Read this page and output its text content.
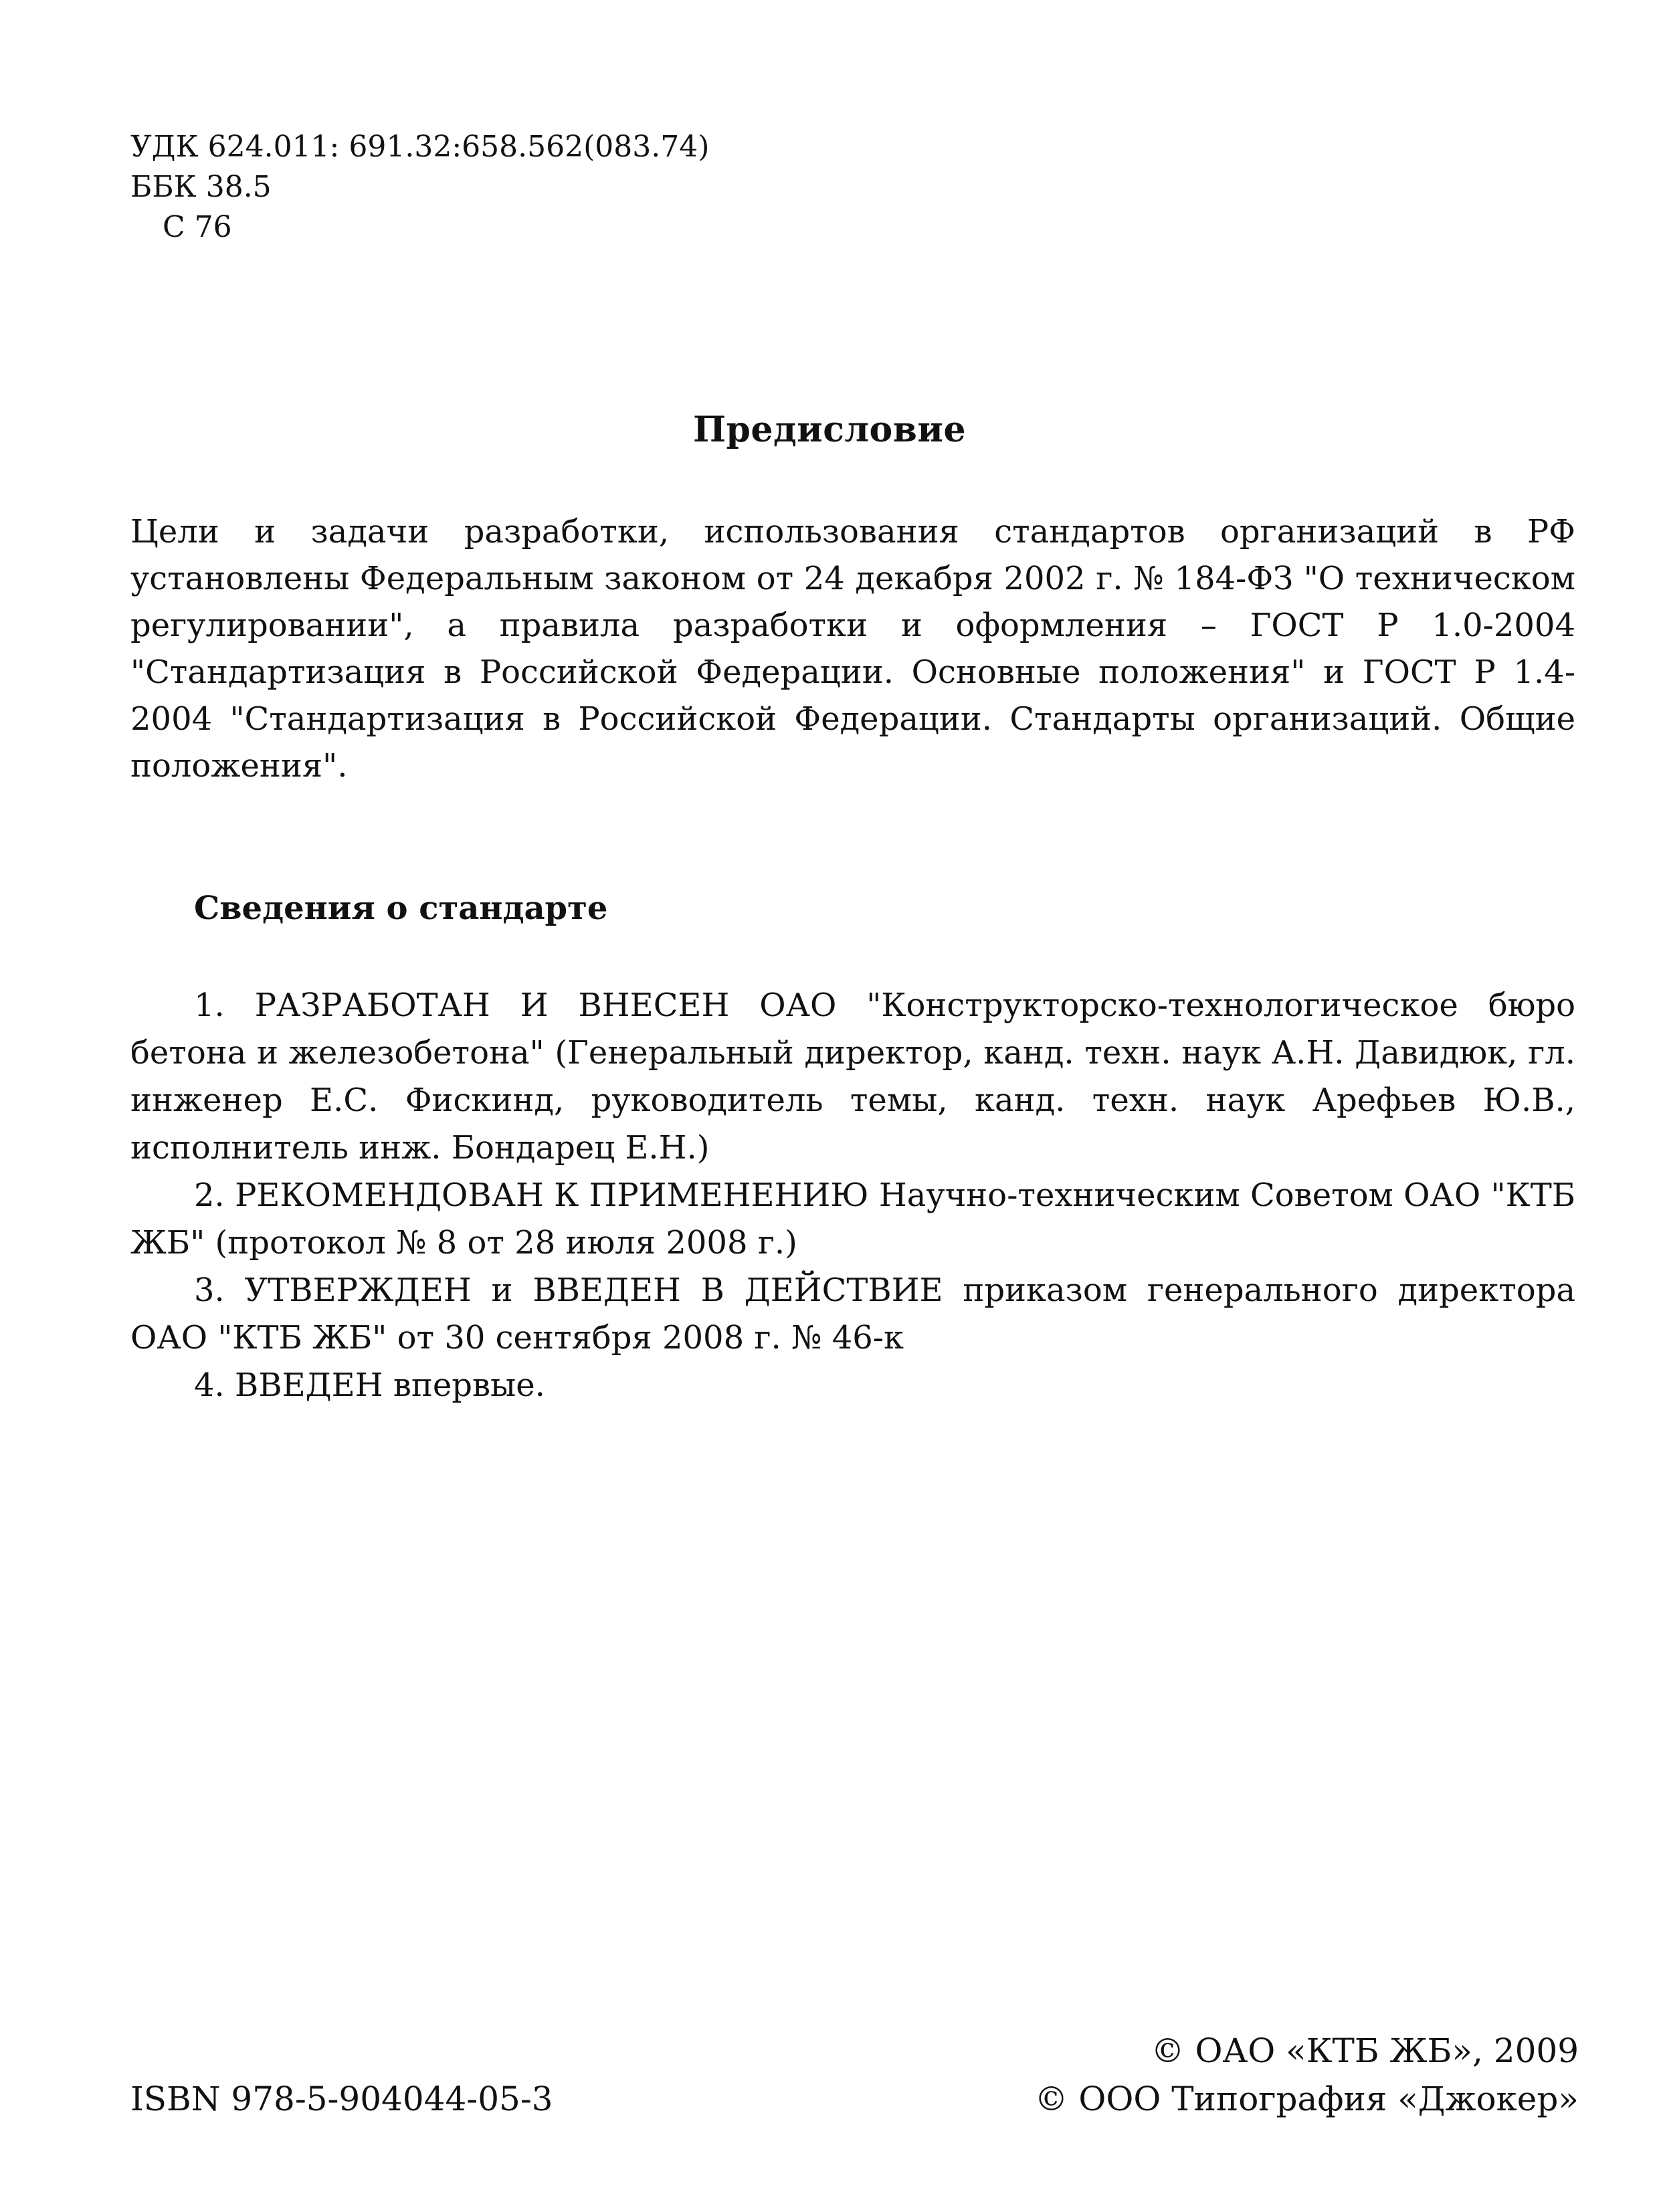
УДК 624.011: 691.32:658.562(083.74)
ББК 38.5
С 76
Предисловие
Цели и задачи разработки, использования стандартов организаций в РФ установлены Федеральным законом от 24 декабря 2002 г. № 184-ФЗ "О техническом регулировании", а правила разработки и оформления – ГОСТ Р 1.0-2004 "Стандартизация в Российской Федерации. Основные положения" и ГОСТ Р 1.4-2004 "Стандартизация в Российской Федерации. Стандарты организаций. Общие положения".
Сведения о стандарте

1. РАЗРАБОТАН И ВНЕСЕН ОАО "Конструкторско-технологическое бюро бетона и железобетона" (Генеральный директор, канд. техн. наук А.Н. Давидюк, гл. инженер Е.С. Фискинд, руководитель темы, канд. техн. наук Арефьев Ю.В., исполнитель инж. Бондарец Е.Н.)

2. РЕКОМЕНДОВАН К ПРИМЕНЕНИЮ Научно-техническим Советом ОАО "КТБ ЖБ" (протокол № 8 от 28 июля 2008 г.)

3. УТВЕРЖДЕН и ВВЕДЕН В ДЕЙСТВИЕ приказом генерального директора ОАО "КТБ ЖБ" от 30 сентября 2008 г. № 46-к

4. ВВЕДЕН впервые.

© ОАО «КТБ ЖБ», 2009
© ООО Типография «Джокер»
ISBN 978-5-904044-05-3
